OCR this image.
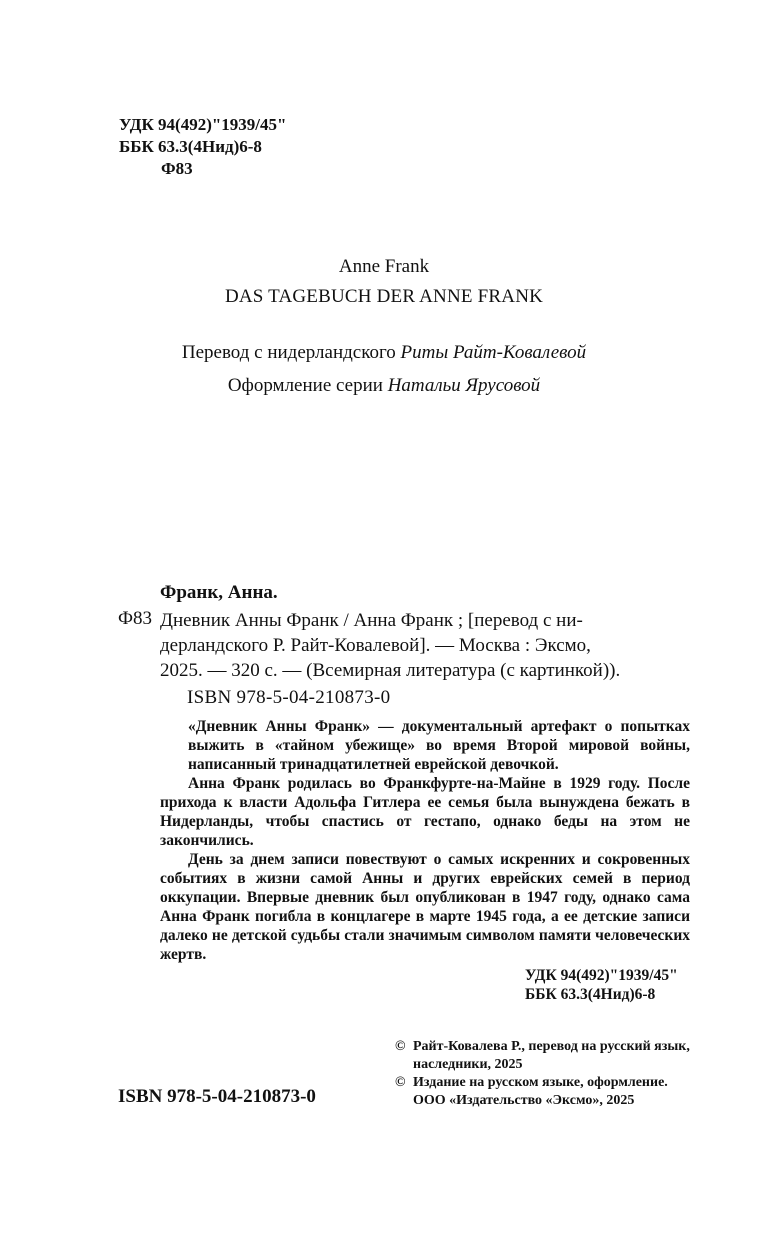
УДК 94(492)"1939/45"
ББК 63.3(4Нид)6-8
Ф83
Anne Frank
DAS TAGEBUCH DER ANNE FRANK
Перевод с нидерландского Риты Райт-Ковалевой
Оформление серии Натальи Ярусовой
Франк, Анна.
Ф83 Дневник Анны Франк / Анна Франк ; [перевод с ни-
дерландского Р. Райт-Ковалевой]. — Москва : Эксмо,
2025. — 320 с. — (Всемирная литература (с картинкой)).
ISBN 978-5-04-210873-0

«Дневник Анны Франк» — документальный артефакт о попытках выжить в «тайном убежище» во время Второй мировой войны, написанный тринадцатилетней еврейской девочкой.

Анна Франк родилась во Франкфурте-на-Майне в 1929 году. После прихода к власти Адольфа Гитлера ее семья была вынуждена бежать в Нидерланды, чтобы спастись от гестапо, однако беды на этом не закончились.

День за днем записи повествуют о самых искренних и сокровенных событиях в жизни самой Анны и других еврейских семей в период оккупации. Впервые дневник был опубликован в 1947 году, однако сама Анна Франк погибла в концлагере в марте 1945 года, а ее детские записи далеко не детской судьбы стали значимым символом памяти человеческих жертв.

УДК 94(492)"1939/45"
ББК 63.3(4Нид)6-8
© Райт-Ковалева Р., перевод на русский язык, наследники, 2025
© Издание на русском языке, оформление. ООО «Издательство «Эксмо», 2025
ISBN 978-5-04-210873-0
